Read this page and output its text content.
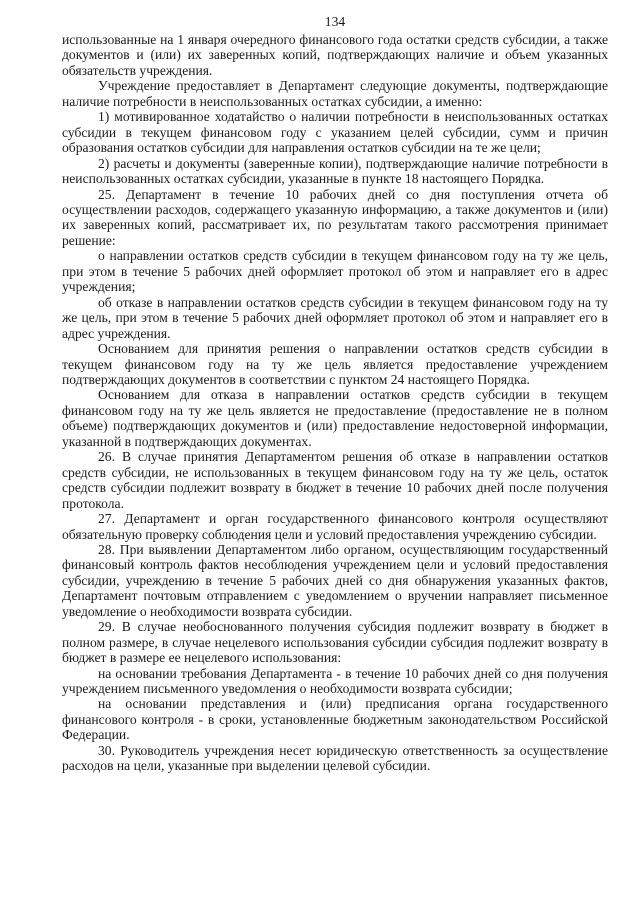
134

использованные на 1 января очередного финансового года остатки средств субсидии, а также документов и (или) их заверенных копий, подтверждающих наличие и объем указанных обязательств учреждения.

Учреждение предоставляет в Департамент следующие документы, подтверждающие наличие потребности в неиспользованных остатках субсидии, а именно:

1) мотивированное ходатайство о наличии потребности в неиспользованных остатках субсидии в текущем финансовом году с указанием целей субсидии, сумм и причин образования остатков субсидии для направления остатков субсидии на те же цели;

2) расчеты и документы (заверенные копии), подтверждающие наличие потребности в неиспользованных остатках субсидии, указанные в пункте 18 настоящего Порядка.

25. Департамент в течение 10 рабочих дней со дня поступления отчета об осуществлении расходов, содержащего указанную информацию, а также документов и (или) их заверенных копий, рассматривает их, по результатам такого рассмотрения принимает решение:

о направлении остатков средств субсидии в текущем финансовом году на ту же цель, при этом в течение 5 рабочих дней оформляет протокол об этом и направляет его в адрес учреждения;

об отказе в направлении остатков средств субсидии в текущем финансовом году на ту же цель, при этом в течение 5 рабочих дней оформляет протокол об этом и направляет его в адрес учреждения.

Основанием для принятия решения о направлении остатков средств субсидии в текущем финансовом году на ту же цель является предоставление учреждением подтверждающих документов в соответствии с пунктом 24 настоящего Порядка.

Основанием для отказа в направлении остатков средств субсидии в текущем финансовом году на ту же цель является не предоставление (предоставление не в полном объеме) подтверждающих документов и (или) предоставление недостоверной информации, указанной в подтверждающих документах.

26. В случае принятия Департаментом решения об отказе в направлении остатков средств субсидии, не использованных в текущем финансовом году на ту же цель, остаток средств субсидии подлежит возврату в бюджет в течение 10 рабочих дней после получения протокола.

27. Департамент и орган государственного финансового контроля осуществляют обязательную проверку соблюдения цели и условий предоставления учреждению субсидии.

28. При выявлении Департаментом либо органом, осуществляющим государственный финансовый контроль фактов несоблюдения учреждением цели и условий предоставления субсидии, учреждению в течение 5 рабочих дней со дня обнаружения указанных фактов, Департамент почтовым отправлением с уведомлением о вручении направляет письменное уведомление о необходимости возврата субсидии.

29. В случае необоснованного получения субсидия подлежит возврату в бюджет в полном размере, в случае нецелевого использования субсидии субсидия подлежит возврату в бюджет в размере ее нецелевого использования:

на основании требования Департамента - в течение 10 рабочих дней со дня получения учреждением письменного уведомления о необходимости возврата субсидии;

на основании представления и (или) предписания органа государственного финансового контроля - в сроки, установленные бюджетным законодательством Российской Федерации.

30. Руководитель учреждения несет юридическую ответственность за осуществление расходов на цели, указанные при выделении целевой субсидии.
